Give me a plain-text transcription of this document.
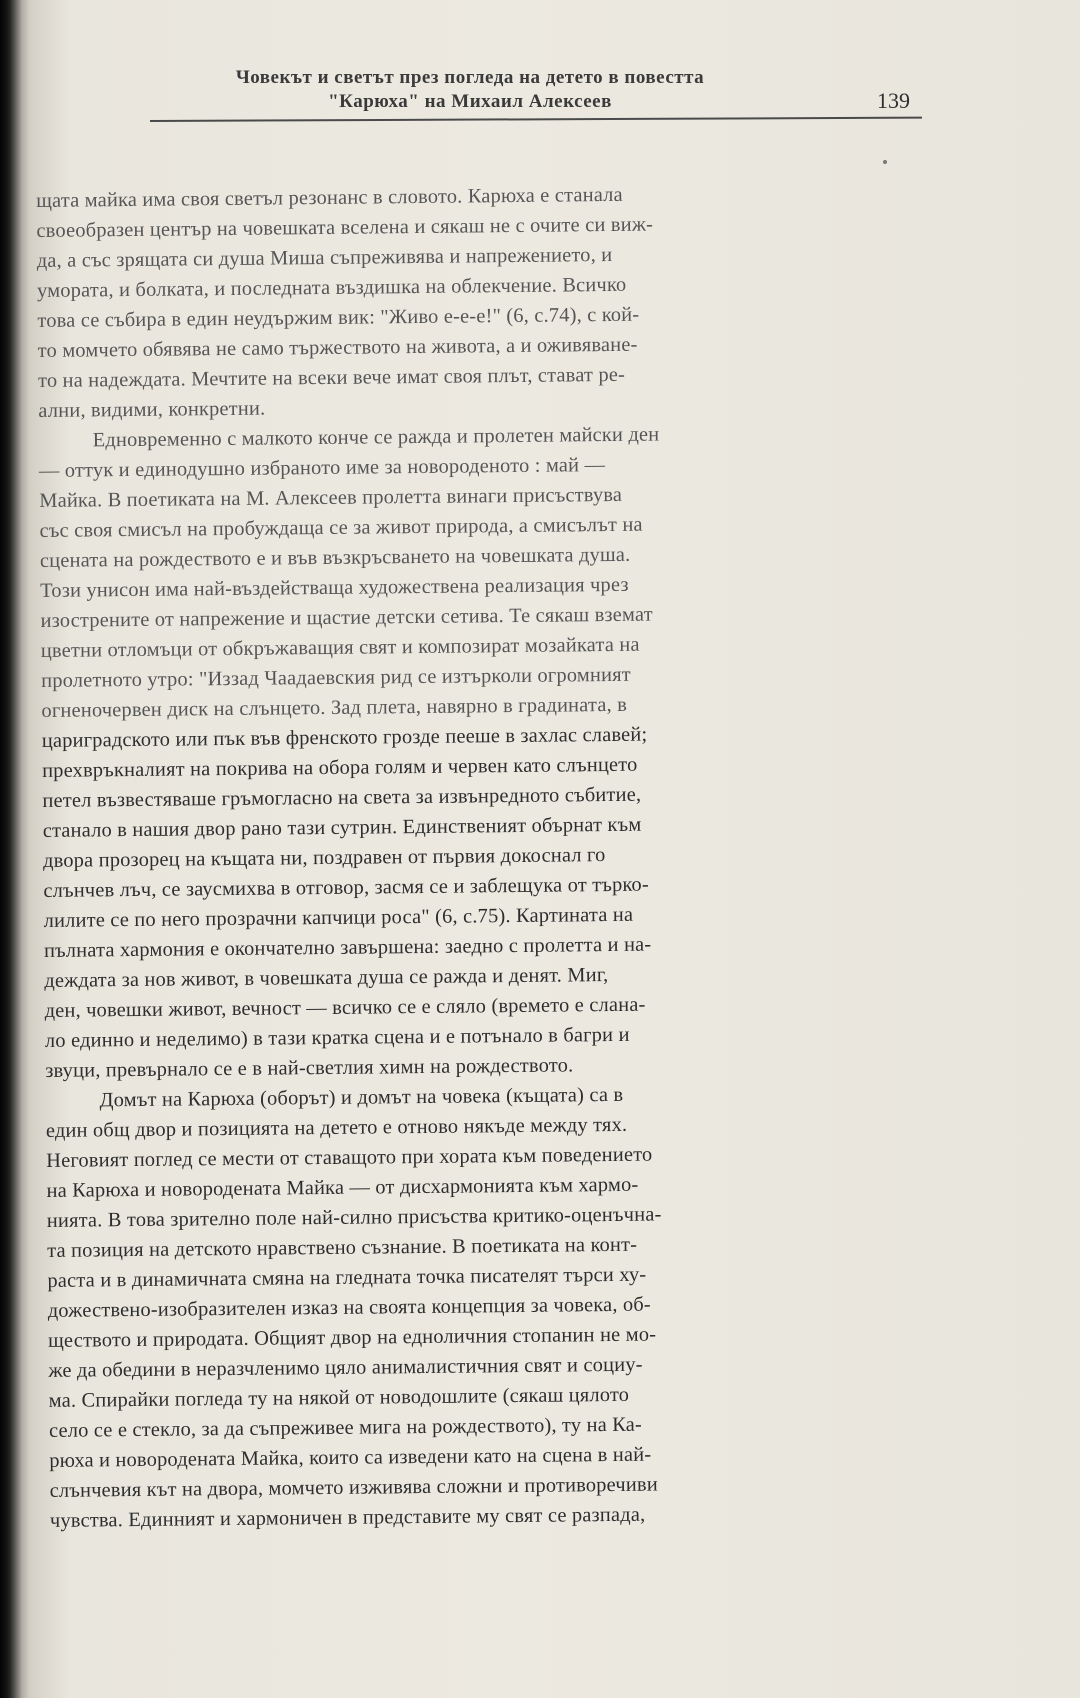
Човекът и светът през погледа на детето в повестта
"Карюха" на Михаил Алексеев	139
щата майка има своя светъл резонанс в словото. Карюха е станала
своеобразен център на човешката вселена и сякаш не с очите си виж-
да, а със зрящата си душа Миша съпреживява и напрежението, и
умората, и болката, и последната въздишка на облекчение. Всичко
това се събира в един неудържим вик: "Живо е-е-е!" (6, с.74), с кой-
то момчето обявява не само тържеството на живота, а и оживяване-
то на надеждата. Мечтите на всеки вече имат своя плът, стават ре-
ални, видими, конкретни.
Едновременно с малкото конче се ражда и пролетен майски ден
— оттук и единодушно избраното име за новороденото : май —
Майка. В поетиката на М. Алексеев пролетта винаги присъствува
със своя смисъл на пробуждаща се за живот природа, а смисълът на
сцената на рождеството е и във възкръсването на човешката душа.
Този унисон има най-въздействаща художествена реализация чрез
изострените от напрежение и щастие детски сетива. Те сякаш вземат
цветни отломъци от обкръжаващия свят и композират мозайката на
пролетното утро: "Иззад Чаадаевския рид се изтърколи огромният
огненочервен диск на слънцето. Зад плета, навярно в градината, в
цариградското или пък във френското грозде пееше в захлас славей;
прехвръкналият на покрива на обора голям и червен като слънцето
петел възвестяваше гръмогласно на света за извънредното събитие,
станало в нашия двор рано тази сутрин. Единственият обърнат към
двора прозорец на къщата ни, поздравен от първия докоснал го
слънчев лъч, се заусмихва в отговор, засмя се и заблещука от търко-
лилите се по него прозрачни капчици роса" (6, с.75). Картината на
пълната хармония е окончателно завършена: заедно с пролетта и на-
деждата за нов живот, в човешката душа се ражда и денят. Миг,
ден, човешки живот, вечност — всичко се е сляло (времето е слана-
ло единно и неделимо) в тази кратка сцена и е потънало в багри и
звуци, превърнало се е в най-светлия химн на рождеството.
Домът на Карюха (оборът) и домът на човека (къщата) са в
един общ двор и позицията на детето е отново някъде между тях.
Неговият поглед се мести от ставащото при хората към поведението
на Карюха и новородената Майка — от дисхармонията към хармо-
нията. В това зрително поле най-силно присъства критико-оценъчна-
та позиция на детското нравствено съзнание. В поетиката на конт-
раста и в динамичната смяна на гледната точка писателят търси ху-
дожествено-изобразителен изказ на своята концепция за човека, об-
ществото и природата. Общият двор на едноличния стопанин не мо-
же да обедини в неразчленимо цяло анималистичния свят и социу-
ма. Спирайки погледа ту на някой от новодошлите (сякаш цялото
село се е стекло, за да съпреживее мига на рождеството), ту на Ка-
рюха и новородената Майка, които са изведени като на сцена в най-
слънчевия кът на двора, момчето изживява сложни и противоречиви
чувства. Единният и хармоничен в представите му свят се разпада,
